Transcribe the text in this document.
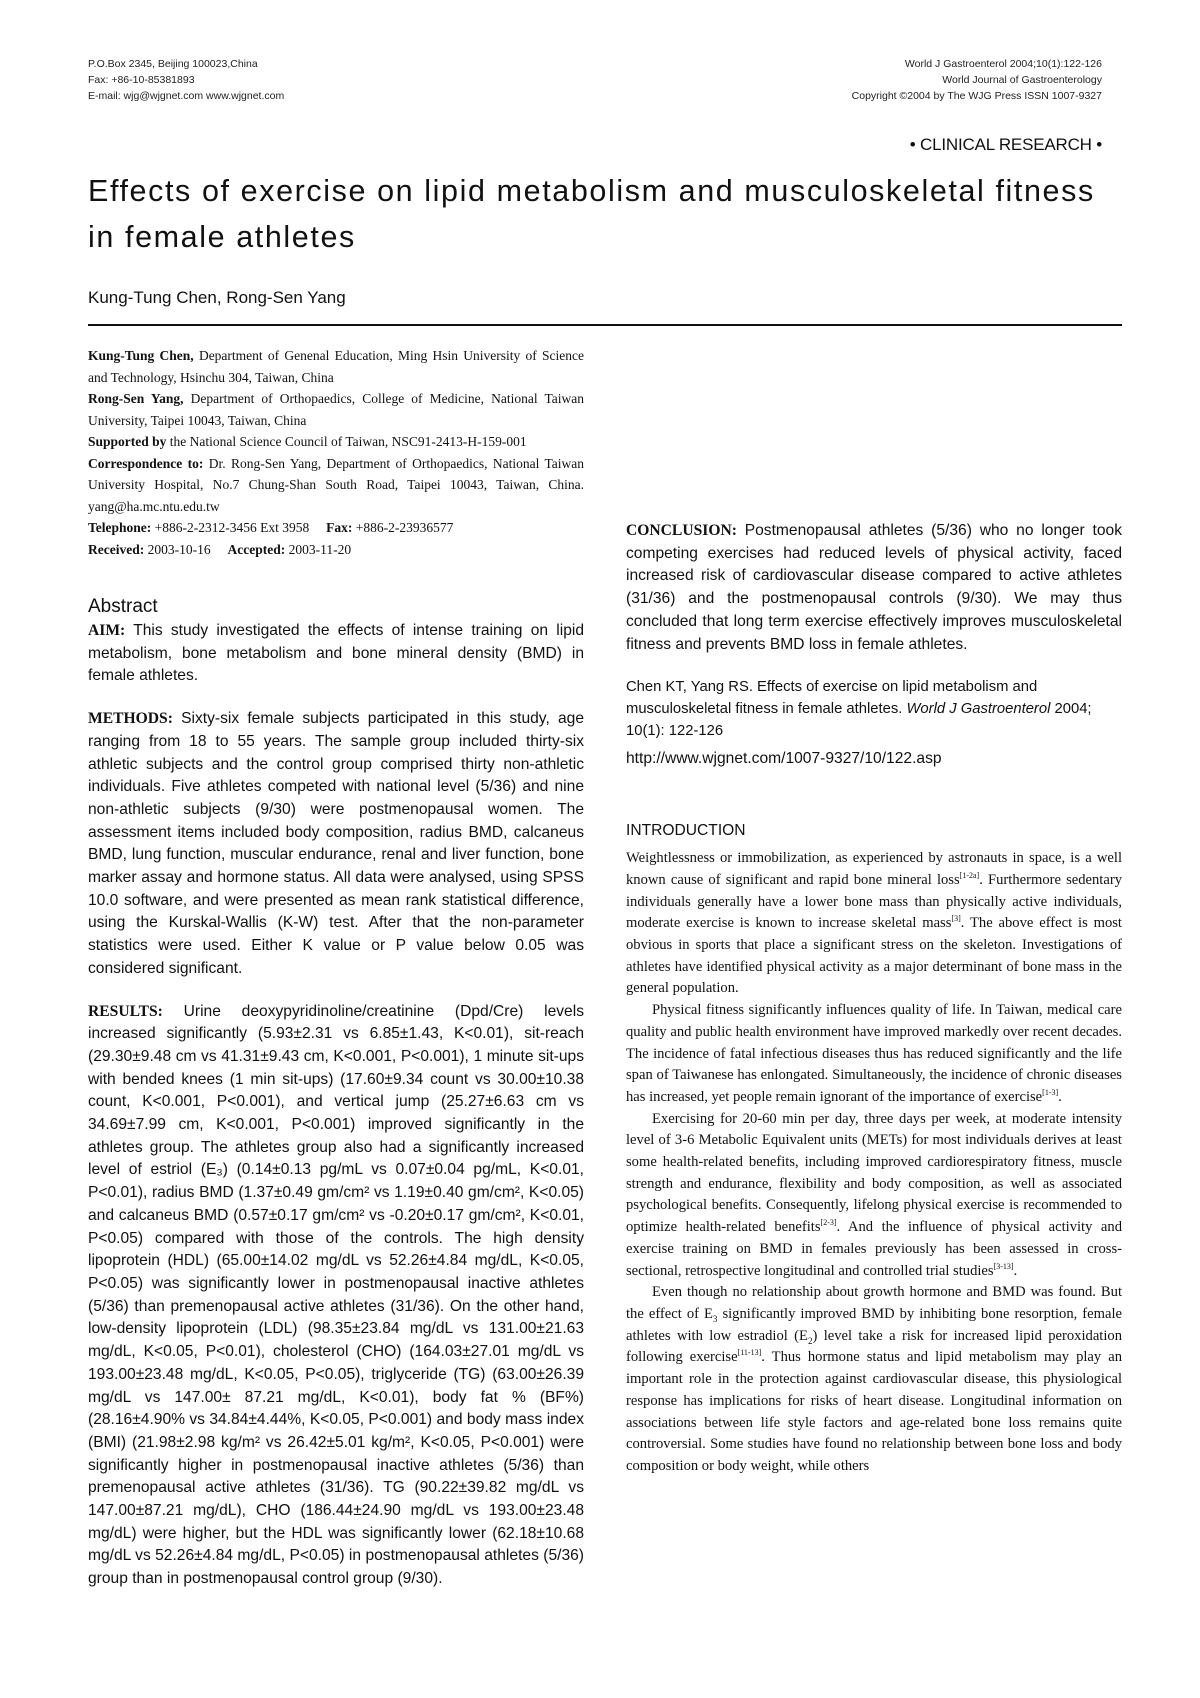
P.O.Box 2345, Beijing 100023,China
Fax: +86-10-85381893
E-mail: wjg@wjgnet.com www.wjgnet.com
World J Gastroenterol 2004;10(1):122-126
World Journal of Gastroenterology
Copyright ©2004 by The WJG Press ISSN 1007-9327
• CLINICAL RESEARCH •
Effects of exercise on lipid metabolism and musculoskeletal fitness in female athletes
Kung-Tung Chen, Rong-Sen Yang

Kung-Tung Chen, Department of Genenal Education, Ming Hsin University of Science and Technology, Hsinchu 304, Taiwan, China

Rong-Sen Yang, Department of Orthopaedics, College of Medicine, National Taiwan University, Taipei 10043, Taiwan, China

Supported by the National Science Council of Taiwan, NSC91-2413-H-159-001

Correspondence to: Dr. Rong-Sen Yang, Department of Orthopaedics, National Taiwan University Hospital, No.7 Chung-Shan South Road, Taipei 10043, Taiwan, China. yang@ha.mc.ntu.edu.tw

Telephone: +886-2-2312-3456 Ext 3958     Fax: +886-2-23936577

Received: 2003-10-16     Accepted: 2003-11-20

Abstract

AIM: This study investigated the effects of intense training on lipid metabolism, bone metabolism and bone mineral density (BMD) in female athletes.

METHODS: Sixty-six female subjects participated in this study, age ranging from 18 to 55 years. The sample group included thirty-six athletic subjects and the control group comprised thirty non-athletic individuals. Five athletes competed with national level (5/36) and nine non-athletic subjects (9/30) were postmenopausal women. The assessment items included body composition, radius BMD, calcaneus BMD, lung function, muscular endurance, renal and liver function, bone marker assay and hormone status. All data were analysed, using SPSS 10.0 software, and were presented as mean rank statistical difference, using the Kurskal-Wallis (K-W) test. After that the non-parameter statistics were used. Either K value or P value below 0.05 was considered significant.

RESULTS: Urine deoxypyridinoline/creatinine (Dpd/Cre) levels increased significantly (5.93±2.31 vs 6.85±1.43, K<0.01), sit-reach (29.30±9.48 cm vs 41.31±9.43 cm, K<0.001, P<0.001), 1 minute sit-ups with bended knees (1 min sit-ups) (17.60±9.34 count vs 30.00±10.38 count, K<0.001, P<0.001), and vertical jump (25.27±6.63 cm vs 34.69±7.99 cm, K<0.001, P<0.001) improved significantly in the athletes group. The athletes group also had a significantly increased level of estriol (E₃) (0.14±0.13 pg/mL vs 0.07±0.04 pg/mL, K<0.01, P<0.01), radius BMD (1.37±0.49 gm/cm² vs 1.19±0.40 gm/cm², K<0.05) and calcaneus BMD (0.57±0.17 gm/cm² vs -0.20±0.17 gm/cm², K<0.01, P<0.05) compared with those of the controls. The high density lipoprotein (HDL) (65.00±14.02 mg/dL vs 52.26±4.84 mg/dL, K<0.05, P<0.05) was significantly lower in postmenopausal inactive athletes (5/36) than premenopausal active athletes (31/36). On the other hand, low-density lipoprotein (LDL) (98.35±23.84 mg/dL vs 131.00±21.63 mg/dL, K<0.05, P<0.01), cholesterol (CHO) (164.03±27.01 mg/dL vs 193.00±23.48 mg/dL, K<0.05, P<0.05), triglyceride (TG) (63.00±26.39 mg/dL vs 147.00± 87.21 mg/dL, K<0.01), body fat % (BF%) (28.16±4.90% vs 34.84±4.44%, K<0.05, P<0.001) and body mass index (BMI) (21.98±2.98 kg/m² vs 26.42±5.01 kg/m², K<0.05, P<0.001) were significantly higher in postmenopausal inactive athletes (5/36) than premenopausal active athletes (31/36). TG (90.22±39.82 mg/dL vs 147.00±87.21 mg/dL), CHO (186.44±24.90 mg/dL vs 193.00±23.48 mg/dL) were higher, but the HDL was significantly lower (62.18±10.68 mg/dL vs 52.26±4.84 mg/dL, P<0.05) in postmenopausal athletes (5/36) group than in postmenopausal control group (9/30).

CONCLUSION: Postmenopausal athletes (5/36) who no longer took competing exercises had reduced levels of physical activity, faced increased risk of cardiovascular disease compared to active athletes (31/36) and the postmenopausal controls (9/30). We may thus concluded that long term exercise effectively improves musculoskeletal fitness and prevents BMD loss in female athletes.

Chen KT, Yang RS. Effects of exercise on lipid metabolism and musculoskeletal fitness in female athletes. World J Gastroenterol 2004; 10(1): 122-126

http://www.wjgnet.com/1007-9327/10/122.asp

INTRODUCTION

Weightlessness or immobilization, as experienced by astronauts in space, is a well known cause of significant and rapid bone mineral loss[1-2a]. Furthermore sedentary individuals generally have a lower bone mass than physically active individuals, moderate exercise is known to increase skeletal mass[3]. The above effect is most obvious in sports that place a significant stress on the skeleton. Investigations of athletes have identified physical activity as a major determinant of bone mass in the general population.

Physical fitness significantly influences quality of life. In Taiwan, medical care quality and public health environment have improved markedly over recent decades. The incidence of fatal infectious diseases thus has reduced significantly and the life span of Taiwanese has enlongated. Simultaneously, the incidence of chronic diseases has increased, yet people remain ignorant of the importance of exercise[1-3].

Exercising for 20-60 min per day, three days per week, at moderate intensity level of 3-6 Metabolic Equivalent units (METs) for most individuals derives at least some health-related benefits, including improved cardiorespiratory fitness, muscle strength and endurance, flexibility and body composition, as well as associated psychological benefits. Consequently, lifelong physical exercise is recommended to optimize health-related benefits[2-3]. And the influence of physical activity and exercise training on BMD in females previously has been assessed in cross-sectional, retrospective longitudinal and controlled trial studies[3-13].

Even though no relationship about growth hormone and BMD was found. But the effect of $E_3$ significantly improved BMD by inhibiting bone resorption, female athletes with low estradiol $(E_2)$ level take a risk for increased lipid peroxidation following exercise[11-13]. Thus hormone status and lipid metabolism may play an important role in the protection against cardiovascular disease, this physiological response has implications for risks of heart disease. Longitudinal information on associations between life style factors and age-related bone loss remains quite controversial. Some studies have found no relationship between bone loss and body composition or body weight, while others
